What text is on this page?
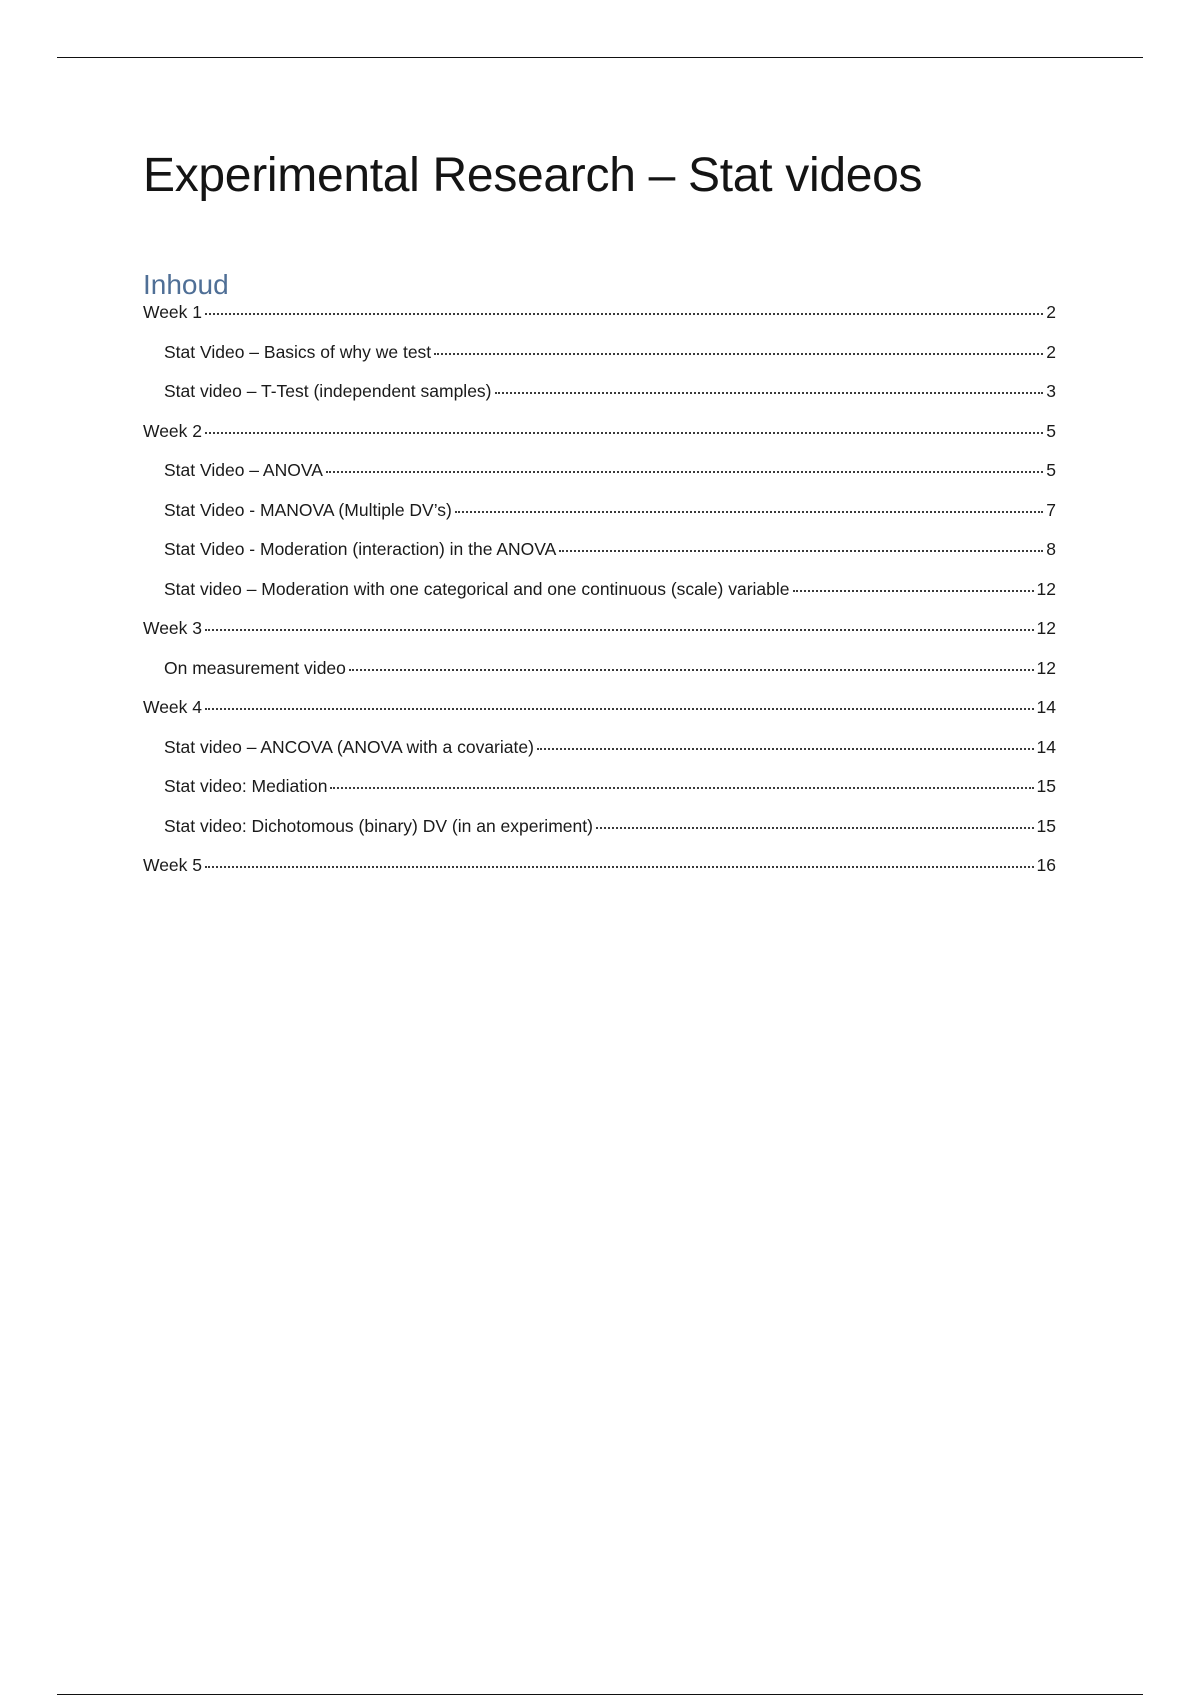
Experimental Research – Stat videos
Inhoud
Week 1	2
Stat Video – Basics of why we test	2
Stat video – T-Test (independent samples)	3
Week 2	5
Stat Video – ANOVA	5
Stat Video - MANOVA (Multiple DV’s)	7
Stat Video - Moderation (interaction) in the ANOVA	8
Stat video – Moderation with one categorical and one continuous (scale) variable	12
Week 3	12
On measurement video	12
Week 4	14
Stat video – ANCOVA (ANOVA with a covariate)	14
Stat video: Mediation	15
Stat video: Dichotomous (binary) DV (in an experiment)	15
Week 5	16
